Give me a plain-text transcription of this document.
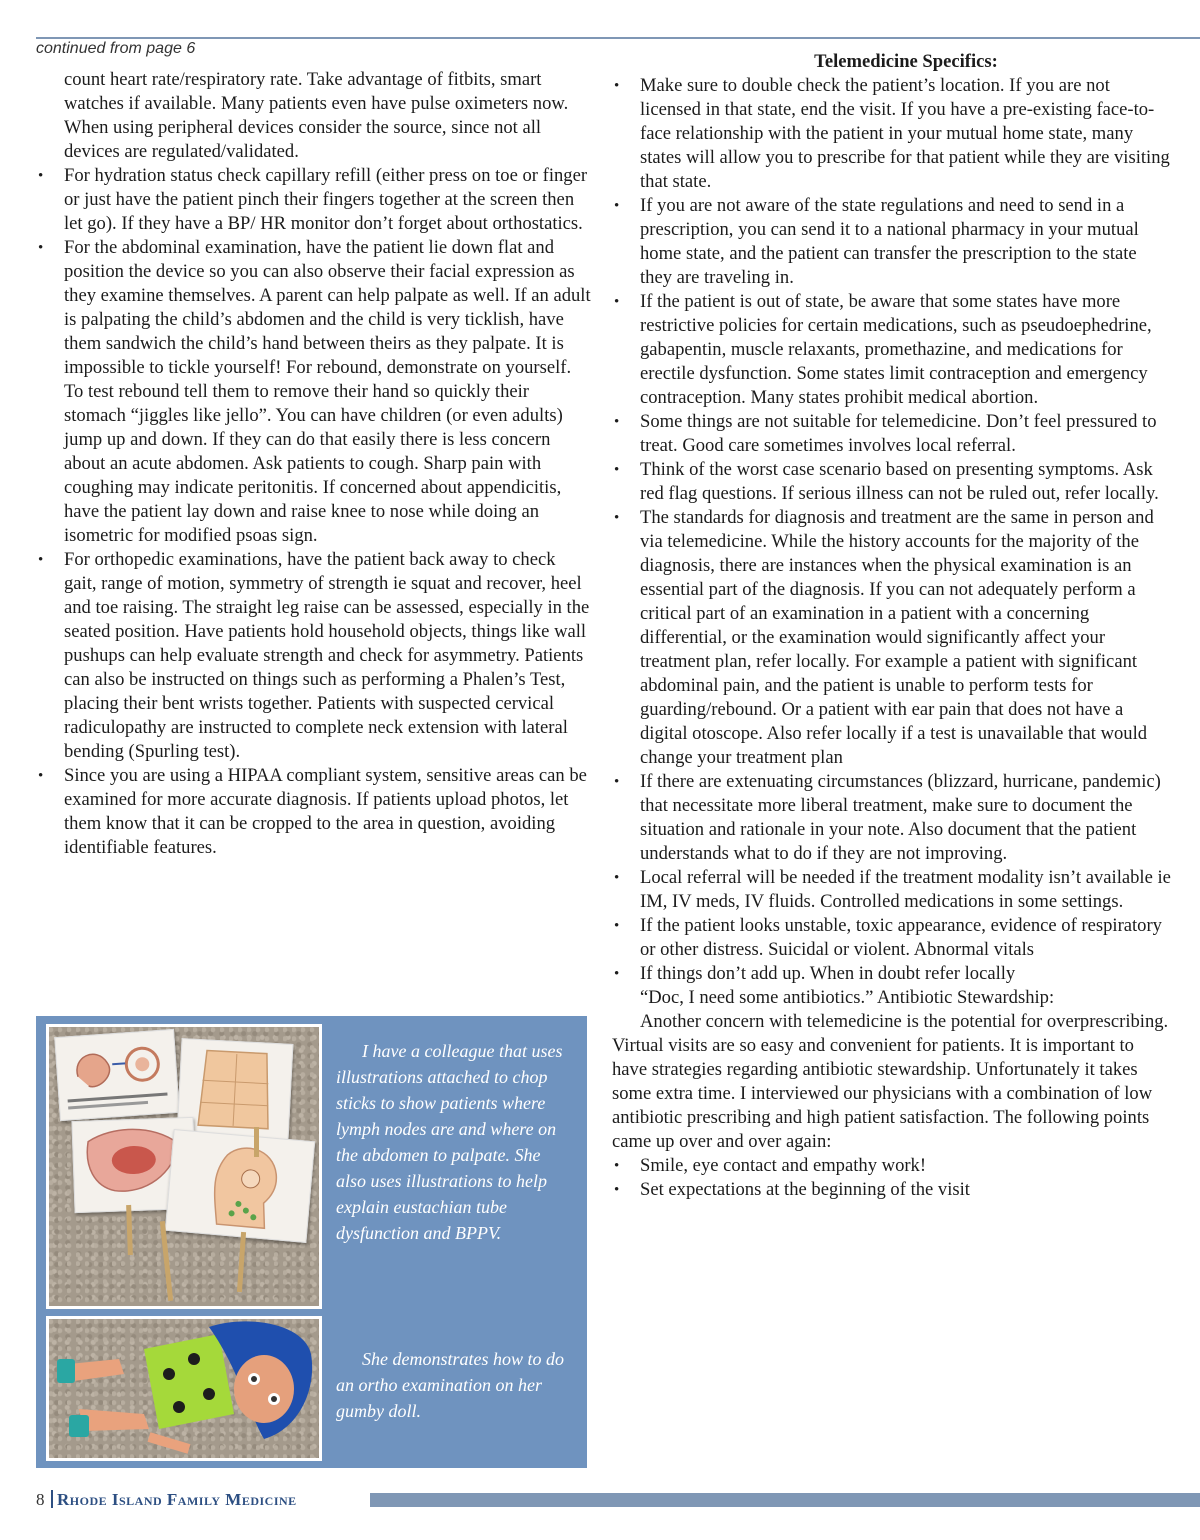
continued from page 6

count heart rate/respiratory rate. Take advantage of fitbits, smart watches if available. Many patients even have pulse oximeters now. When using peripheral devices consider the source, since not all devices are regulated/validated.

• For hydration status check capillary refill (either press on toe or finger or just have the patient pinch their fingers together at the screen then let go). If they have a BP/ HR monitor don’t forget about orthostatics.
• For the abdominal examination, have the patient lie down flat and position the device so you can also observe their facial expression as they examine themselves. A parent can help palpate as well. If an adult is palpating the child’s abdomen and the child is very ticklish, have them sandwich the child’s hand between theirs as they palpate. It is impossible to tickle yourself! For rebound, demonstrate on yourself. To test rebound tell them to remove their hand so quickly their stomach “jiggles like jello”. You can have children (or even adults) jump up and down. If they can do that easily there is less concern about an acute abdomen. Ask patients to cough. Sharp pain with coughing may indicate peritonitis. If concerned about appendicitis, have the patient lay down and raise knee to nose while doing an isometric for modified psoas sign.
• For orthopedic examinations, have the patient back away to check gait, range of motion, symmetry of strength ie squat and recover, heel and toe raising. The straight leg raise can be assessed, especially in the seated position. Have patients hold household objects, things like wall pushups can help evaluate strength and check for asymmetry. Patients can also be instructed on things such as performing a Phalen’s Test, placing their bent wrists together. Patients with suspected cervical radiculopathy are instructed to complete neck extension with lateral bending (Spurling test).
• Since you are using a HIPAA compliant system, sensitive areas can be examined for more accurate diagnosis. If patients upload photos, let them know that it can be cropped to the area in question, avoiding identifiable features.

I have a colleague that uses illustrations attached to chop sticks to show patients where lymph nodes are and where on the abdomen to palpate. She also uses illustrations to help explain eustachian tube dysfunction and BPPV.

She demonstrates how to do an ortho examination on her gumby doll.

Telemedicine Specifics:
• Make sure to double check the patient’s location. If you are not licensed in that state, end the visit. If you have a pre-existing face-to-face relationship with the patient in your mutual home state, many states will allow you to prescribe for that patient while they are visiting that state.
• If you are not aware of the state regulations and need to send in a prescription, you can send it to a national pharmacy in your mutual home state, and the patient can transfer the prescription to the state they are traveling in.
• If the patient is out of state, be aware that some states have more restrictive policies for certain medications, such as pseudoephedrine, gabapentin, muscle relaxants, promethazine, and medications for erectile dysfunction. Some states limit contraception and emergency contraception. Many states prohibit medical abortion.
• Some things are not suitable for telemedicine. Don’t feel pressured to treat. Good care sometimes involves local referral.
• Think of the worst case scenario based on presenting symptoms. Ask red flag questions. If serious illness can not be ruled out, refer locally.
• The standards for diagnosis and treatment are the same in person and via telemedicine. While the history accounts for the majority of the diagnosis, there are instances when the physical examination is an essential part of the diagnosis. If you can not adequately perform a critical part of an examination in a patient with a concerning differential, or the examination would significantly affect your treatment plan, refer locally. For example a patient with significant abdominal pain, and the patient is unable to perform tests for guarding/rebound. Or a patient with ear pain that does not have a digital otoscope. Also refer locally if a test is unavailable that would change your treatment plan
• If there are extenuating circumstances (blizzard, hurricane, pandemic) that necessitate more liberal treatment, make sure to document the situation and rationale in your note. Also document that the patient understands what to do if they are not improving.
• Local referral will be needed if the treatment modality isn’t available ie IM, IV meds, IV fluids. Controlled medications in some settings.
• If the patient looks unstable, toxic appearance, evidence of respiratory or other distress. Suicidal or violent. Abnormal vitals
• If things don’t add up. When in doubt refer locally
“Doc, I need some antibiotics.” Antibiotic Stewardship:

Another concern with telemedicine is the potential for overprescribing. Virtual visits are so easy and convenient for patients. It is important to have strategies regarding antibiotic stewardship. Unfortunately it takes some extra time. I interviewed our physicians with a combination of low antibiotic prescribing and high patient satisfaction. The following points came up over and over again:

• Smile, eye contact and empathy work!
• Set expectations at the beginning of the visit
8 Rhode Island Family Medicine
